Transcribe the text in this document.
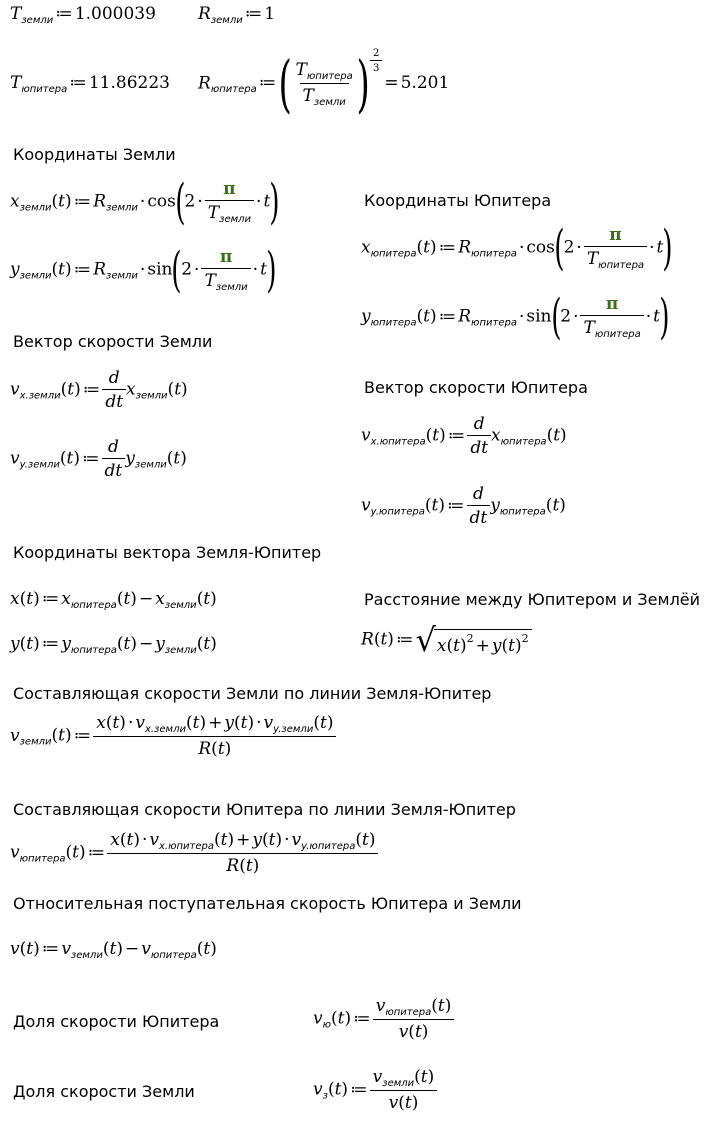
$T_{земли}$ ≔ 1.000039 $R_{земли}$ ≔ 1
$T_{юпитера}$ ≔ 11.86223 $R_{юпитера}$ ≔( $\frac{T_{юпитера}}{T_{земли}}$ ) $\frac{2}{3}$
= 5.201
Координаты Земли
$x_{земли}(t)$ ≔ $R_{земли} \cdot \cos(2 \cdot \frac{\pi}{T_{земли}} \cdot t)$
$y_{земли}(t)$ ≔ $R_{земли} \cdot \sin(2 \cdot \frac{\pi}{T_{земли}} \cdot t)$
Координаты Юпитера
$x_{юпитера}(t)$ ≔ $R_{юпитера} \cdot \cos(2 \cdot \frac{\pi}{T_{юпитера}} \cdot t)$
$y_{юпитера}(t)$ ≔ $R_{юпитера} \cdot \sin(2 \cdot \frac{\pi}{T_{юпитера}} \cdot t)$
Вектор скорости Земли
$v_{x.земли}(t)$ ≔ $\frac{d}{dt} x_{земли}(t)$
$v_{y.земли}(t)$ ≔ $\frac{d}{dt} y_{земли}(t)$
Вектор скорости Юпитера
$v_{x.юпитера}(t)$ ≔ $\frac{d}{dt} x_{юпитера}(t)$
$v_{y.юпитера}(t)$ ≔ $\frac{d}{dt} y_{юпитера}(t)$
Координаты вектора Земля-Юпитер
x(t) ≔ $x_{юпитера}(t) - x_{земли}(t)$
y(t) ≔ $y_{юпитера}(t) - y_{земли}(t)$
Расстояние между Юпитером и Землёй
R(t) ≔ √ $x(t)^2 + y(t)^2$
Составляющая скорости Земли по линии Земля-Юпитер
$v_{земли}(t)$ ≔ $\frac{x(t) \cdot v_{x.земли}(t) + y(t) \cdot v_{y.земли}(t)}{R(t)}$
Составляющая скорости Юпитера по линии Земля-Юпитер
$v_{юпитера}(t)$ ≔ $\frac{x(t) \cdot v_{x.юпитера}(t) + y(t) \cdot v_{y.юпитера}(t)}{R(t)}$
Относительная поступательная скорость Юпитера и Земли
v(t) ≔ $v_{земли}(t) - v_{юпитера}(t)$
Доля скорости Юпитера	$v_ю(t)$ ≔ $\frac{v_{юпитера}(t)}{v(t)}$
Доля скорости Земли	$v_з(t)$ ≔ $\frac{v_{земли}(t)}{v(t)}$
